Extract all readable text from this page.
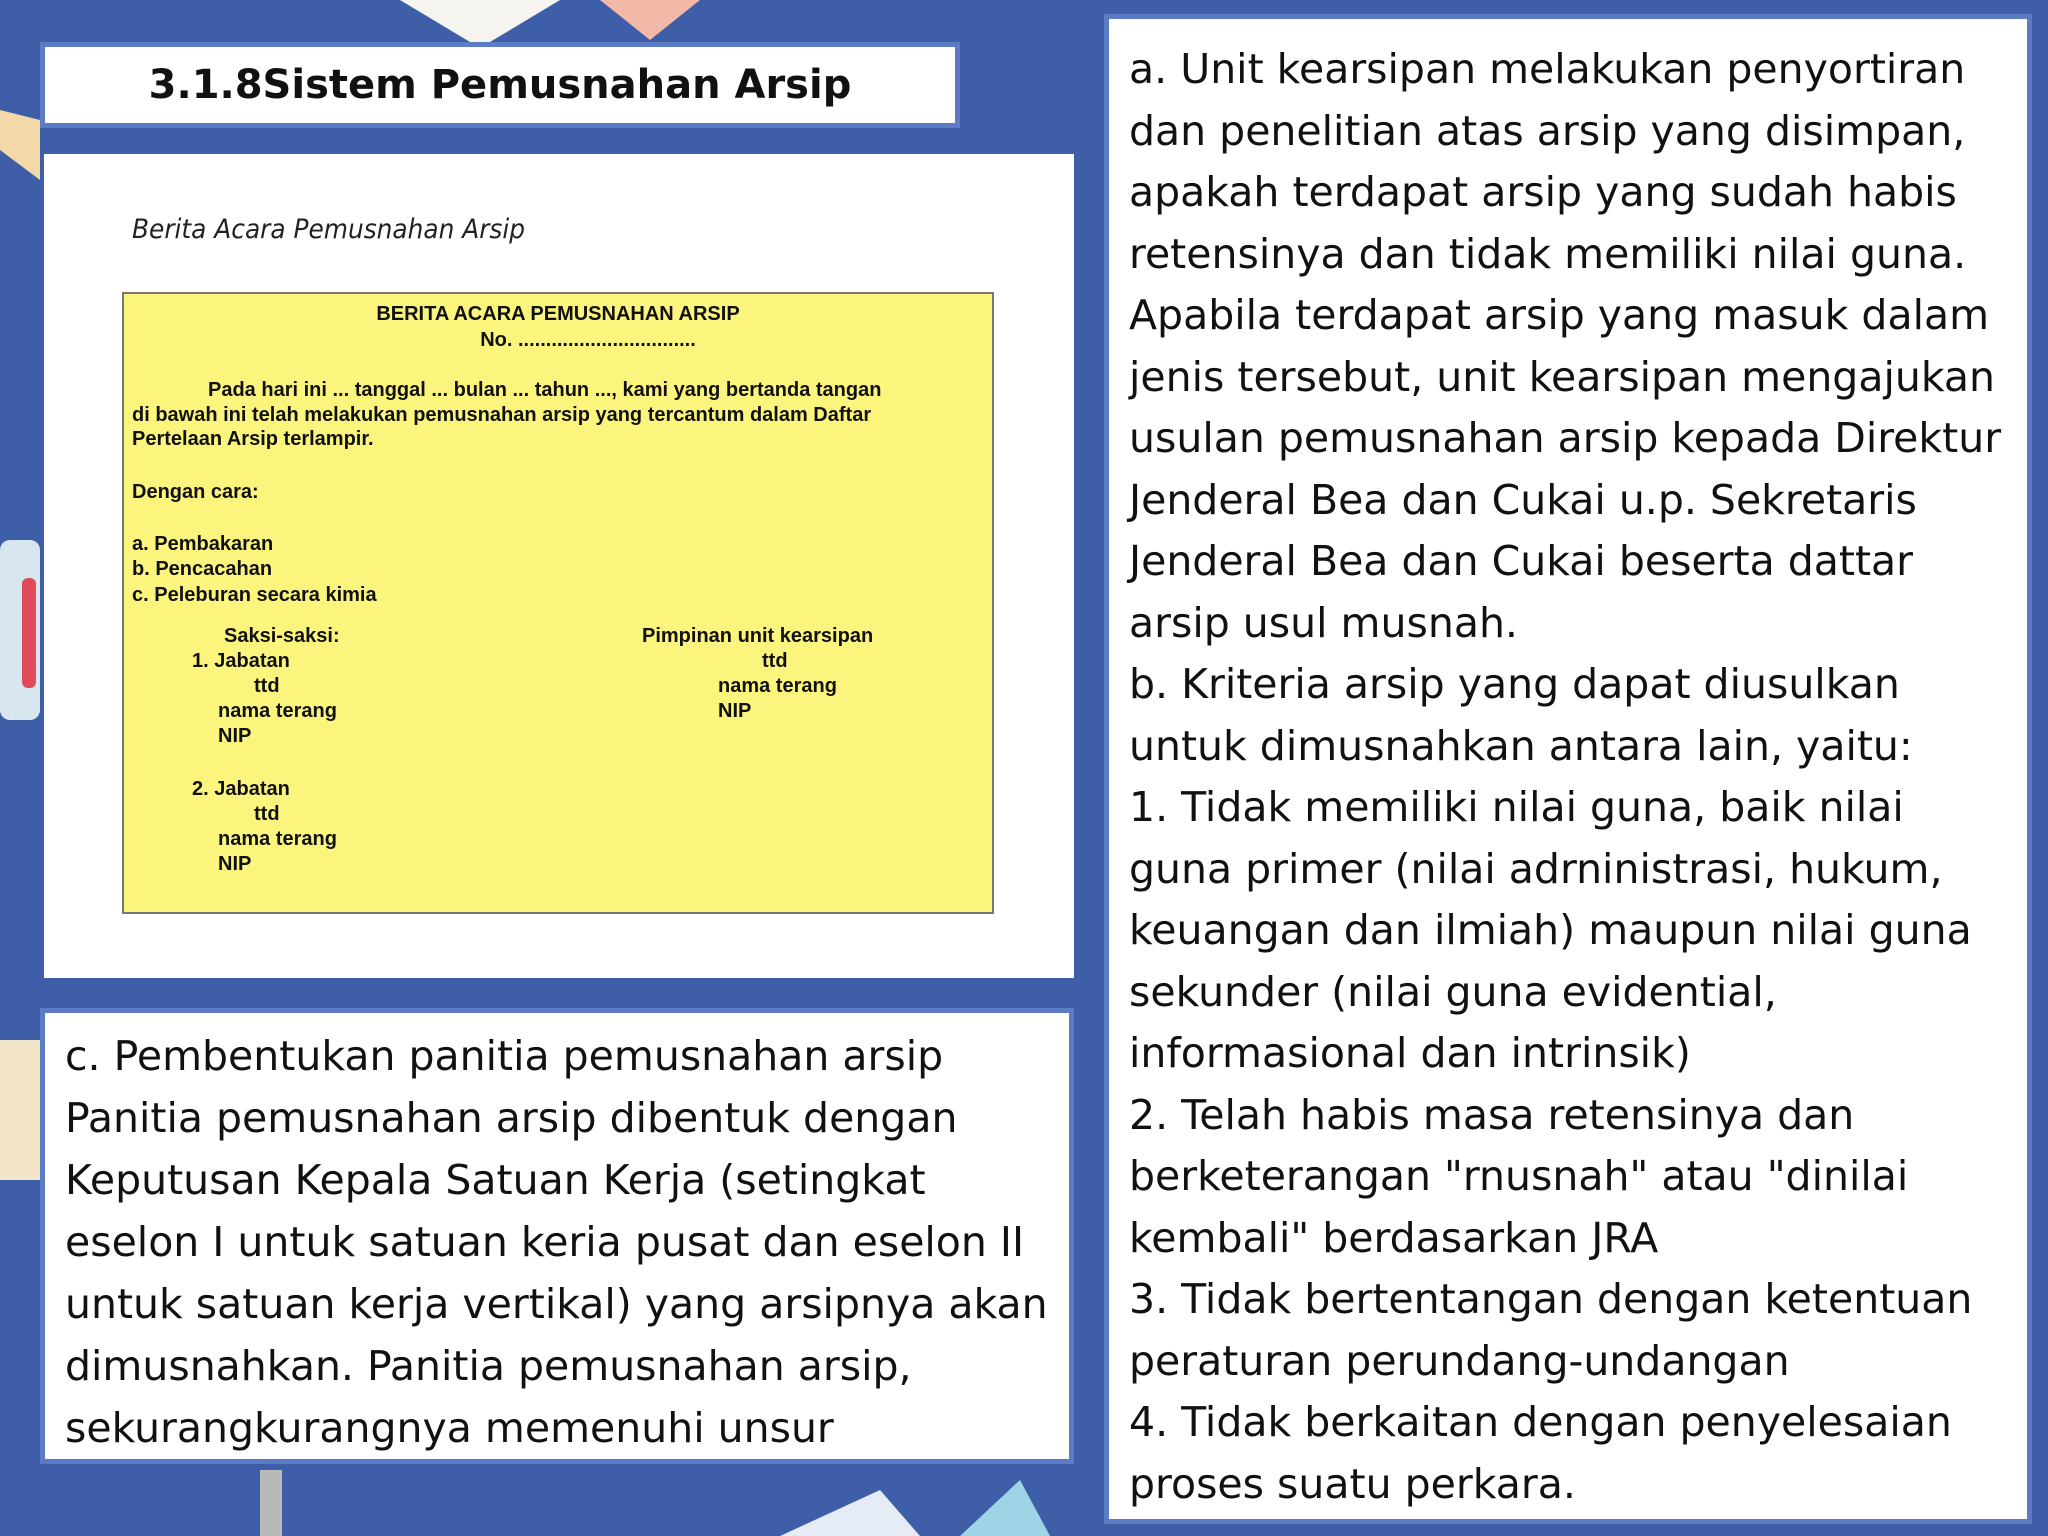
3.1.8Sistem Pemusnahan Arsip
Berita Acara Pemusnahan Arsip
BERITA ACARA PEMUSNAHAN ARSIP
No. ................................
Pada hari ini ... tanggal ... bulan ... tahun ..., kami yang bertanda tangan
di bawah ini telah melakukan pemusnahan arsip yang tercantum dalam Daftar
Pertelaan Arsip terlampir.
Dengan cara:
a. Pembakaran
b. Pencacahan
c. Peleburan secara kimia
Saksi-saksi:
1. Jabatan
ttd
nama terang
NIP
2. Jabatan
ttd
nama terang
NIP
Pimpinan unit kearsipan
ttd
nama terang
NIP
c. Pembentukan panitia pemusnahan arsip
Panitia pemusnahan arsip dibentuk dengan Keputusan Kepala Satuan Kerja (setingkat eselon I untuk satuan keria pusat dan eselon II untuk satuan kerja vertikal) yang arsipnya akan dimusnahkan. Panitia pemusnahan arsip, sekurangkurangnya memenuhi unsur
a. Unit kearsipan melakukan penyortiran dan penelitian atas arsip yang disimpan, apakah terdapat arsip yang sudah habis retensinya dan tidak memiliki nilai guna. Apabila terdapat arsip yang masuk dalam jenis tersebut, unit kearsipan mengajukan usulan pemusnahan arsip kepada Direktur Jenderal Bea dan Cukai u.p. Sekretaris Jenderal Bea dan Cukai beserta dattar arsip usul musnah.
b. Kriteria arsip yang dapat diusulkan untuk dimusnahkan antara lain, yaitu:
1. Tidak memiliki nilai guna, baik nilai guna primer (nilai adrninistrasi, hukum, keuangan dan ilmiah) maupun nilai guna sekunder (nilai guna evidential, informasional dan intrinsik)
2. Telah habis masa retensinya dan berketerangan "rnusnah" atau "dinilai kembali" berdasarkan JRA
3. Tidak bertentangan dengan ketentuan peraturan perundang-undangan
4. Tidak berkaitan dengan penyelesaian proses suatu perkara.
